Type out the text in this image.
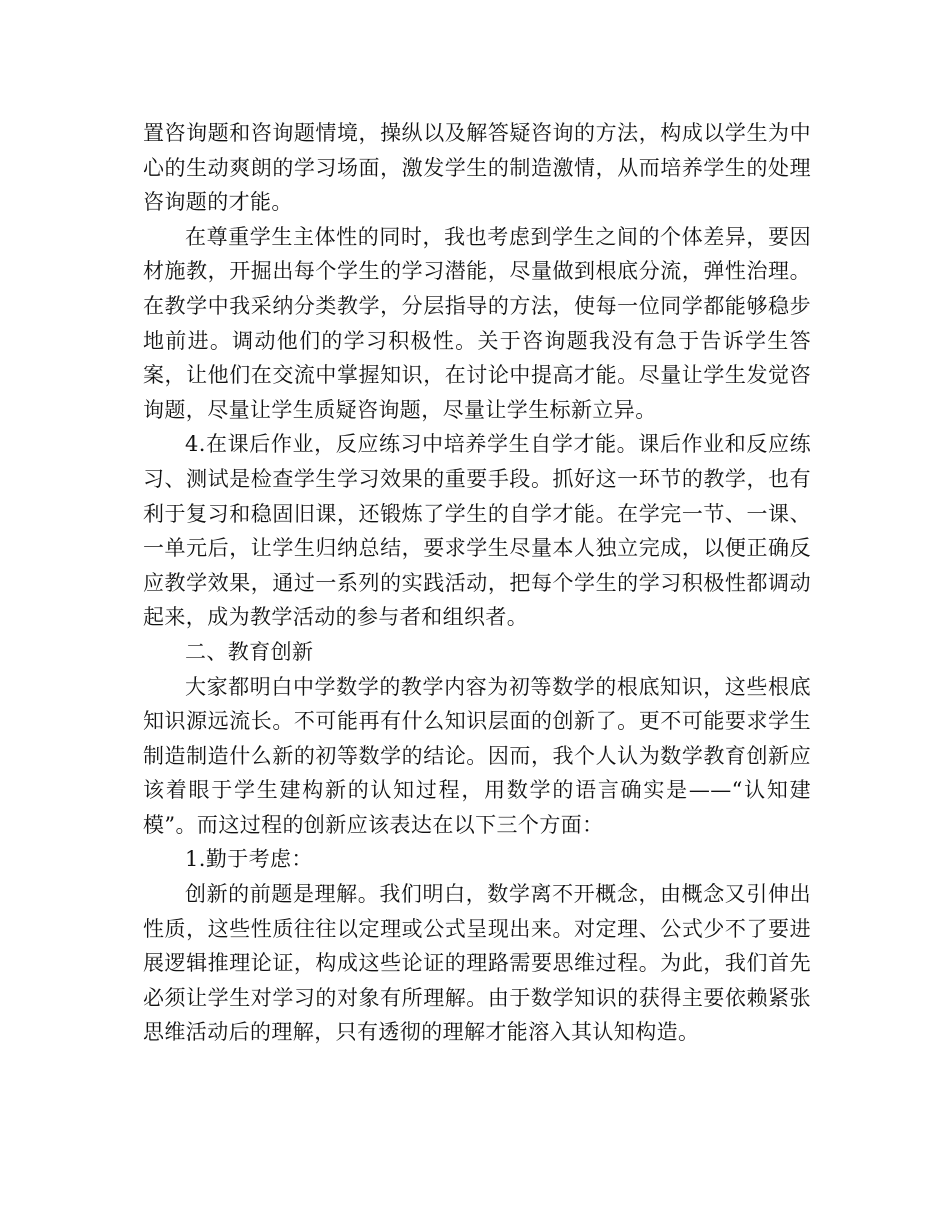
置咨询题和咨询题情境，操纵以及解答疑咨询的方法，构成以学生为中心的生动爽朗的学习场面，激发学生的制造激情，从而培养学生的处理咨询题的才能。

在尊重学生主体性的同时，我也考虑到学生之间的个体差异，要因材施教，开掘出每个学生的学习潜能，尽量做到根底分流，弹性治理。在教学中我采纳分类教学，分层指导的方法，使每一位同学都能够稳步地前进。调动他们的学习积极性。关于咨询题我没有急于告诉学生答案，让他们在交流中掌握知识，在讨论中提高才能。尽量让学生发觉咨询题，尽量让学生质疑咨询题，尽量让学生标新立异。

4.在课后作业，反应练习中培养学生自学才能。课后作业和反应练习、测试是检查学生学习效果的重要手段。抓好这一环节的教学，也有利于复习和稳固旧课，还锻炼了学生的自学才能。在学完一节、一课、一单元后，让学生归纳总结，要求学生尽量本人独立完成，以便正确反应教学效果，通过一系列的实践活动，把每个学生的学习积极性都调动起来，成为教学活动的参与者和组织者。

二、教育创新

大家都明白中学数学的教学内容为初等数学的根底知识，这些根底知识源远流长。不可能再有什么知识层面的创新了。更不可能要求学生制造制造什么新的初等数学的结论。因而，我个人认为数学教育创新应该着眼于学生建构新的认知过程，用数学的语言确实是——“认知建模”。而这过程的创新应该表达在以下三个方面：

1.勤于考虑：

创新的前题是理解。我们明白，数学离不开概念，由概念又引伸出性质，这些性质往往以定理或公式呈现出来。对定理、公式少不了要进展逻辑推理论证，构成这些论证的理路需要思维过程。为此，我们首先必须让学生对学习的对象有所理解。由于数学知识的获得主要依赖紧张思维活动后的理解，只有透彻的理解才能溶入其认知构造。
